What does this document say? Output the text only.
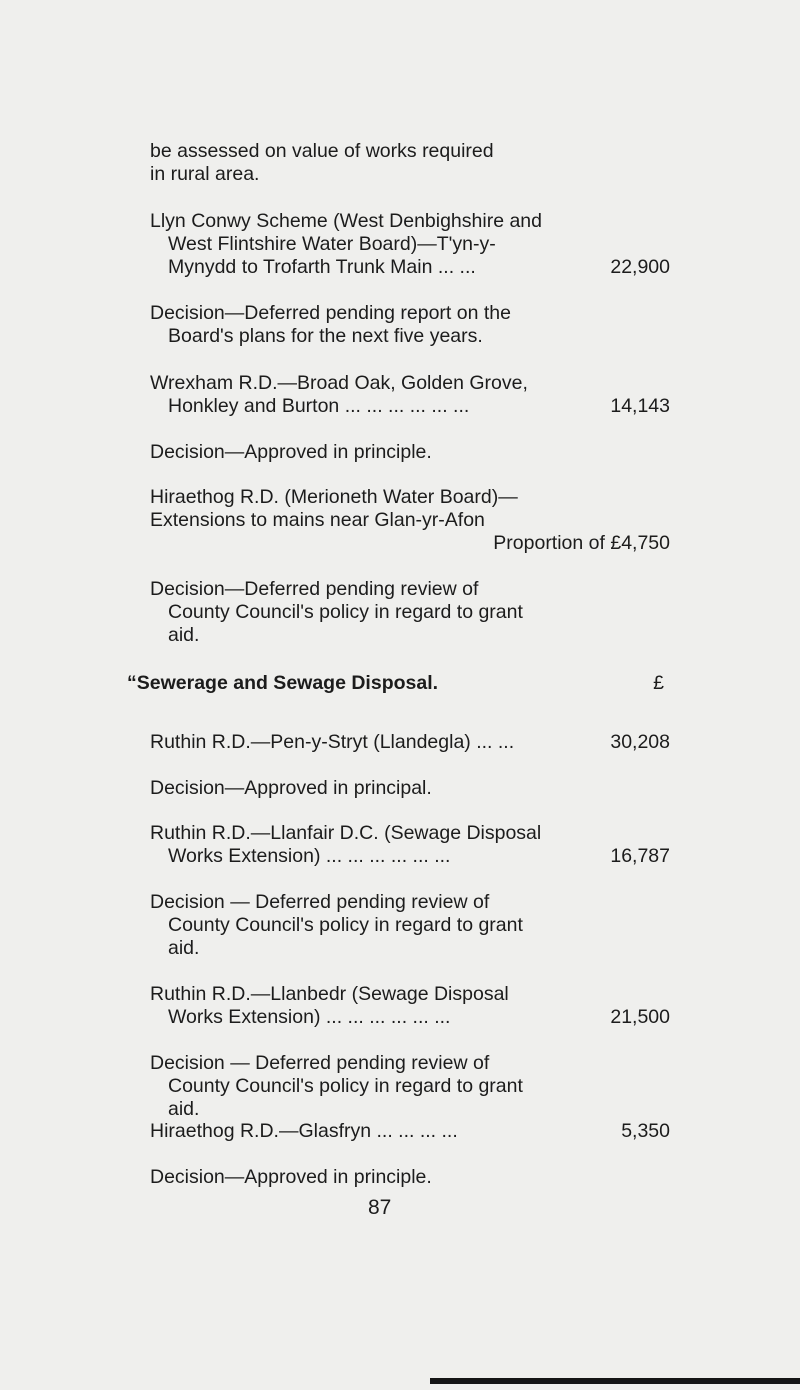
be assessed on value of works required
in rural area.
Llyn Conwy Scheme (West Denbighshire and
West Flintshire Water Board)—T'yn-y-
Mynydd to Trofarth Trunk Main ... ...	22,900
Decision—Deferred pending report on the
Board's plans for the next five years.
Wrexham R.D.—Broad Oak, Golden Grove,
Honkley and Burton ... ... ... ... ... ...	14,143
Decision—Approved in principle.
Hiraethog R.D. (Merioneth Water Board)—
Extensions to mains near Glan-yr-Afon
Proportion of £4,750
Decision—Deferred pending review of
County Council's policy in regard to grant
aid.
“Sewerage and Sewage Disposal.	£
Ruthin R.D.—Pen-y-Stryt (Llandegla) ... ...	30,208
Decision—Approved in principal.
Ruthin R.D.—Llanfair D.C. (Sewage Disposal
Works Extension) ... ... ... ... ... ...	16,787
Decision — Deferred pending review of
County Council's policy in regard to grant
aid.
Ruthin R.D.—Llanbedr (Sewage Disposal
Works Extension) ... ... ... ... ... ...	21,500
Decision — Deferred pending review of
County Council's policy in regard to grant
aid.
Hiraethog R.D.—Glasfryn ... ... ... ...	5,350
Decision—Approved in principle.
87
